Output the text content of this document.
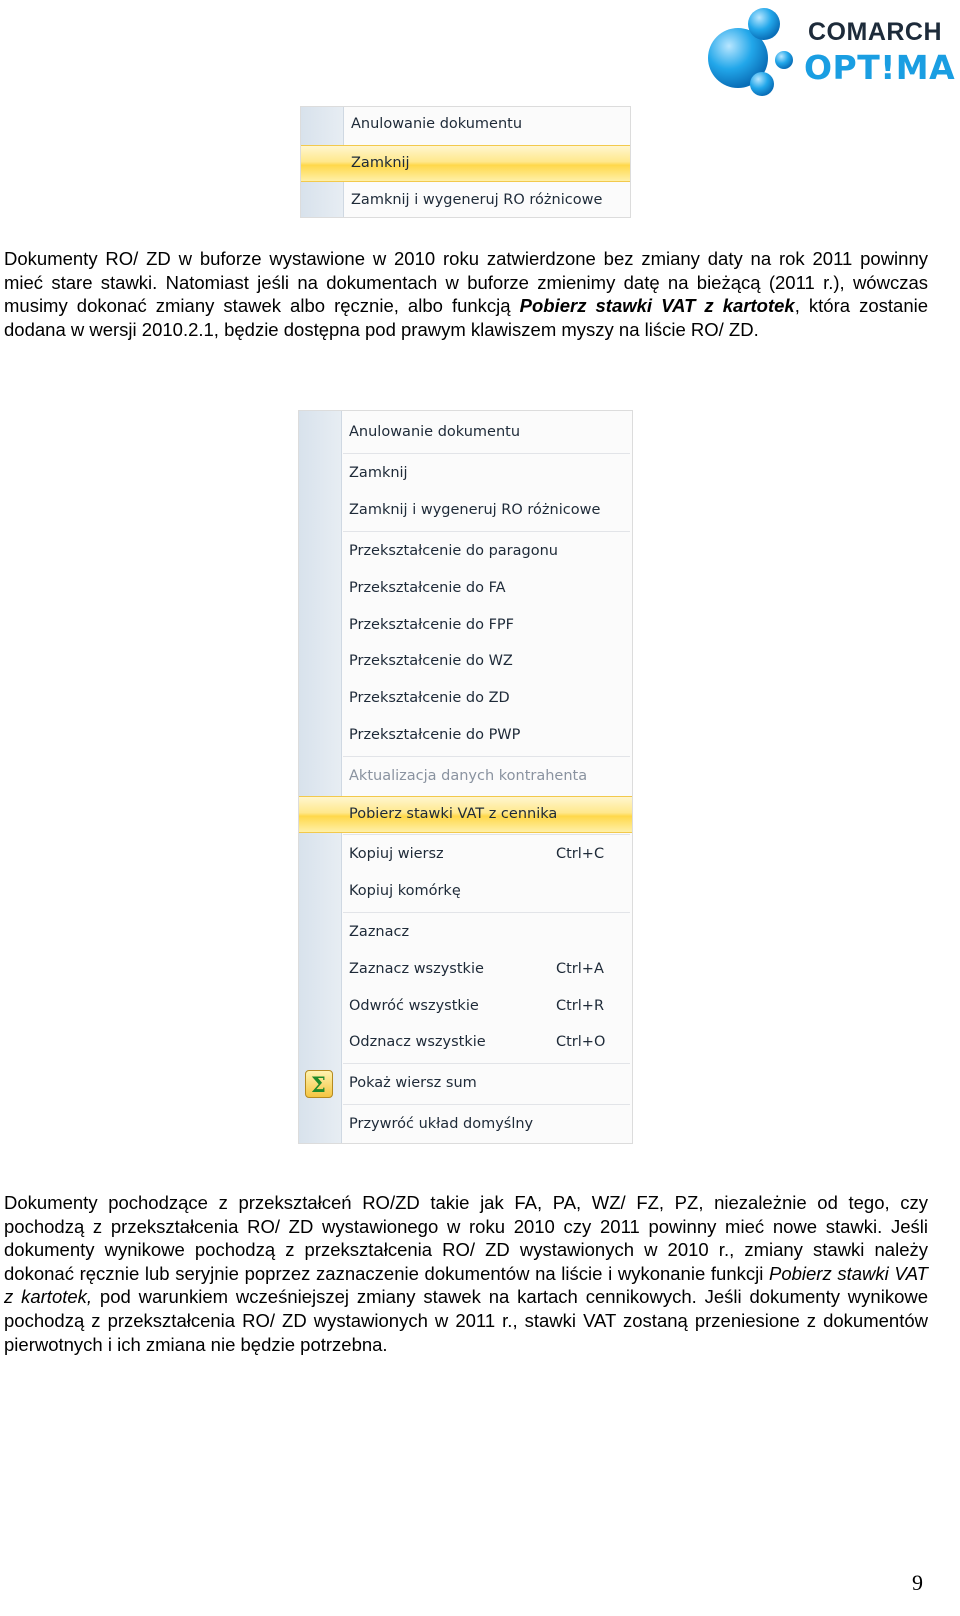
COMARCH
OPT!MA
Anulowanie dokumentu
Zamknij
Zamknij i wygeneruj RO różnicowe

Dokumenty RO/ ZD w buforze wystawione w 2010 roku zatwierdzone bez zmiany daty na rok 2011 powinny mieć stare stawki. Natomiast jeśli na dokumentach w buforze zmienimy datę na bieżącą (2011 r.), wówczas musimy dokonać zmiany stawek albo ręcznie, albo funkcją Pobierz stawki VAT z kartotek, która zostanie dodana w wersji 2010.2.1, będzie dostępna pod prawym klawiszem myszy na liście RO/ ZD.

Anulowanie dokumentu
Zamknij
Zamknij i wygeneruj RO różnicowe
Przekształcenie do paragonu
Przekształcenie do FA
Przekształcenie do FPF
Przekształcenie do WZ
Przekształcenie do ZD
Przekształcenie do PWP
Aktualizacja danych kontrahenta
Pobierz stawki VAT z cennika
Kopiuj wiersz	Ctrl+C
Kopiuj komórkę
Zaznacz
Zaznacz wszystkie	Ctrl+A
Odwróć wszystkie	Ctrl+R
Odznacz wszystkie	Ctrl+O
Σ Pokaż wiersz sum
Przywróć układ domyślny

Dokumenty pochodzące z przekształceń RO/ZD takie jak FA, PA, WZ/ FZ, PZ, niezależnie od tego, czy pochodzą z przekształcenia RO/ ZD wystawionego w roku 2010 czy 2011 powinny mieć nowe stawki. Jeśli dokumenty wynikowe pochodzą z przekształcenia RO/ ZD wystawionych w 2010 r., zmiany stawki należy dokonać ręcznie lub seryjnie poprzez zaznaczenie dokumentów na liście i wykonanie funkcji Pobierz stawki VAT z kartotek, pod warunkiem wcześniejszej zmiany stawek na kartach cennikowych. Jeśli dokumenty wynikowe pochodzą z przekształcenia RO/ ZD wystawionych w 2011 r., stawki VAT zostaną przeniesione z dokumentów pierwotnych i ich zmiana nie będzie potrzebna.

9
